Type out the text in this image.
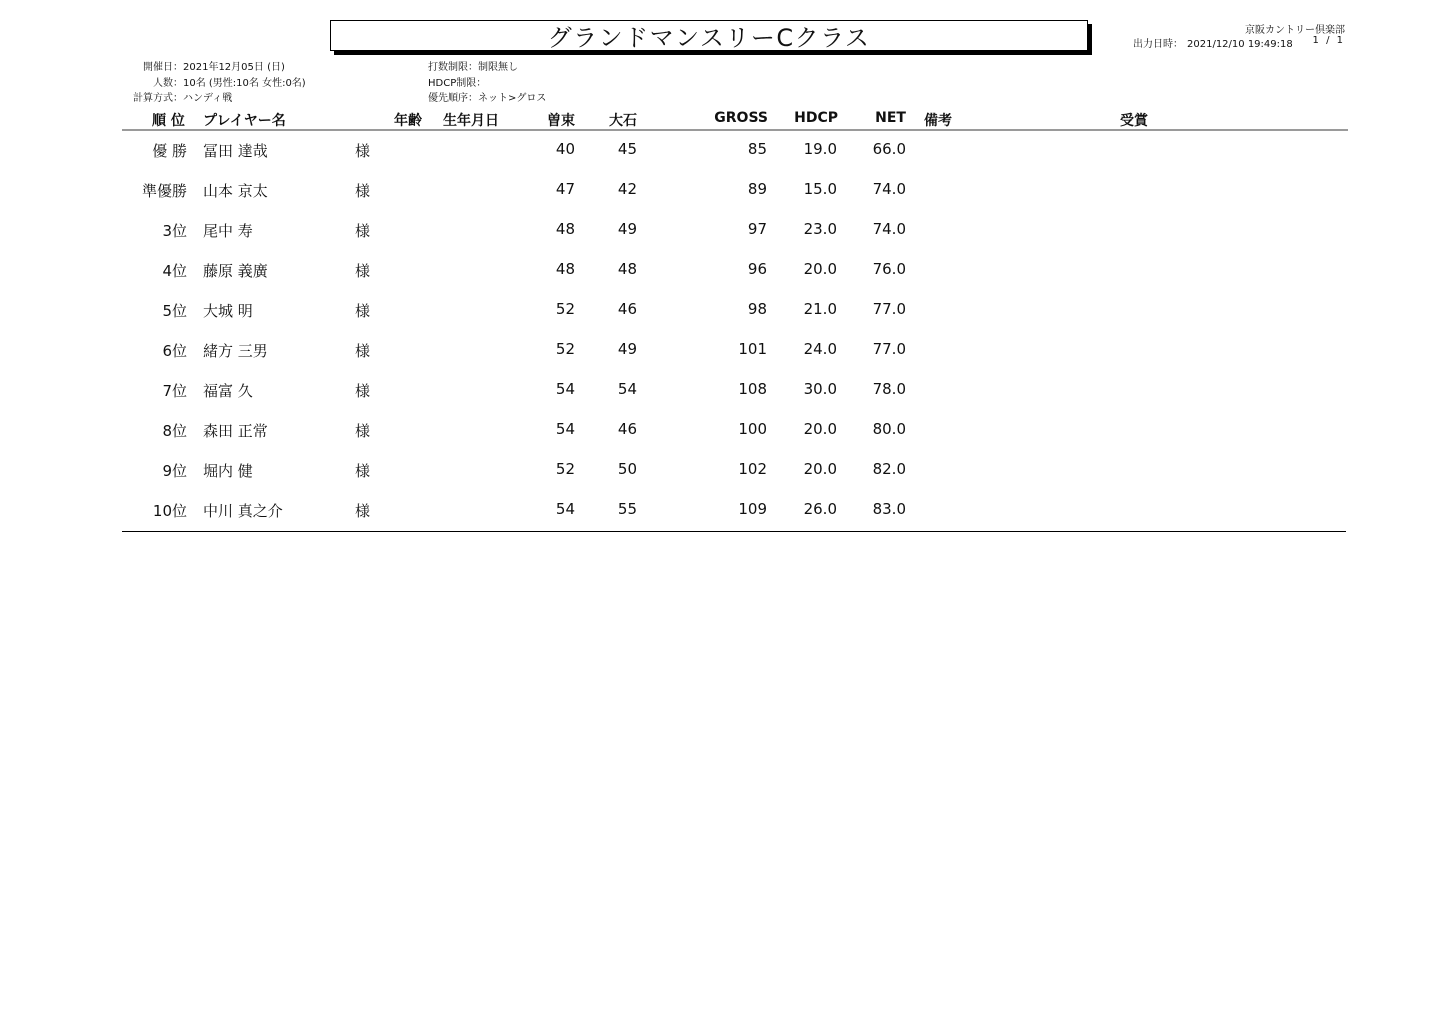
グランドマンスリーCクラス	京阪カントリー倶楽部
出力日時： 2021/12/10 19:49:18	1 / 1
開催日：2021年12月05日 (日)
人数：10名 (男性:10名 女性:0名)
計算方式：ハンディ戦
打数制限：制限無し
HDCP制限：
優先順序：ネット>グロス
順 位 プレイヤー名	年齢 生年月日	曽束 大石	GROSS HDCP	NET 備考	受賞
優 勝 冨田 達哉	様	40	45	85 19.0 66.0
準優勝 山本 京太	様	47	42	89 15.0 74.0
3位 尾中 寿	様	48	49	97 23.0 74.0
4位 藤原 義廣	様	48	48	96 20.0 76.0
5位 大城 明	様	52	46	98 21.0 77.0
6位 緒方 三男	様	52	49	101 24.0 77.0
7位 福富 久	様	54	54	108 30.0 78.0
8位 森田 正常	様	54	46	100 20.0 80.0
9位 堀内 健	様	52	50	102 20.0 82.0
10位 中川 真之介	様	54	55	109 26.0 83.0
